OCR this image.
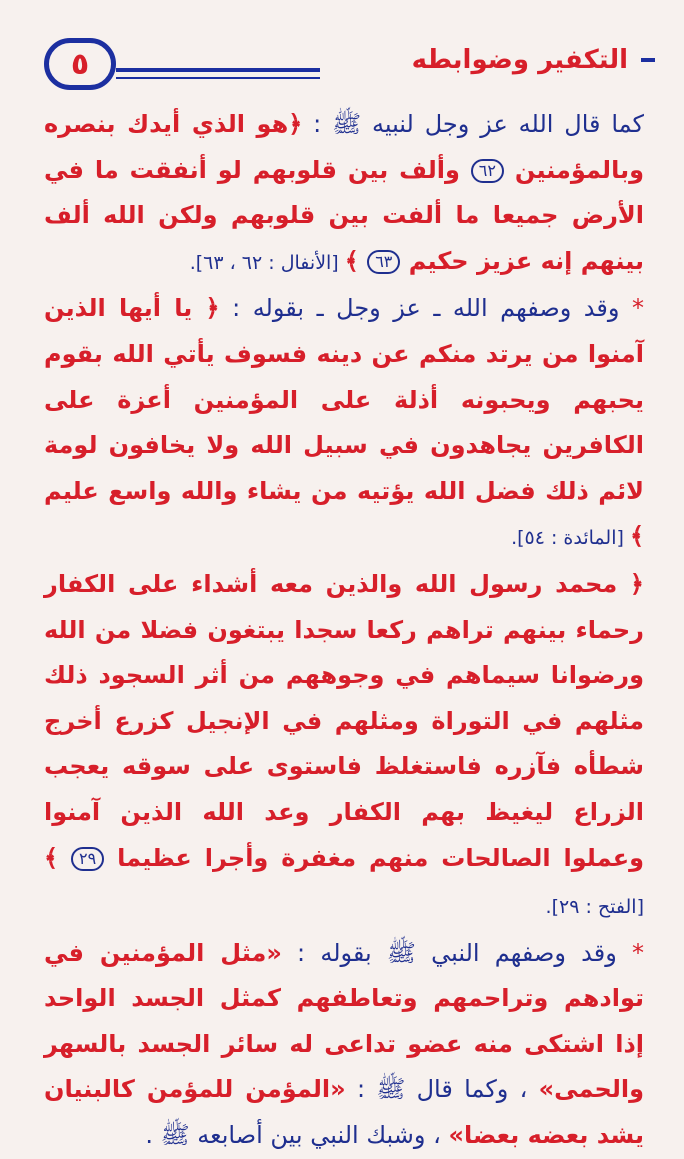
٥	التكفير وضوابطه

كما قال الله عز وجل لنبيه ﷺ : ﴿هو الذي أيدك بنصره وبالمؤمنين ٦٢ وألف بين قلوبهم لو أنفقت ما في الأرض جميعا ما ألفت بين قلوبهم ولكن الله ألف بينهم إنه عزيز حكيم ٦٣ ﴾ [الأنفال : ٦٢ ، ٦٣].

* وقد وصفهم الله ـ عز وجل ـ بقوله : ﴿ يا أيها الذين آمنوا من يرتد منكم عن دينه فسوف يأتي الله بقوم يحبهم ويحبونه أذلة على المؤمنين أعزة على الكافرين يجاهدون في سبيل الله ولا يخافون لومة لائم ذلك فضل الله يؤتيه من يشاء والله واسع عليم ﴾ [المائدة : ٥٤].

﴿ محمد رسول الله والذين معه أشداء على الكفار رحماء بينهم تراهم ركعا سجدا يبتغون فضلا من الله ورضوانا سيماهم في وجوههم من أثر السجود ذلك مثلهم في التوراة ومثلهم في الإنجيل كزرع أخرج شطأه فآزره فاستغلظ فاستوى على سوقه يعجب الزراع ليغيظ بهم الكفار وعد الله الذين آمنوا وعملوا الصالحات منهم مغفرة وأجرا عظيما ٢٩ ﴾ [الفتح : ٢٩].

* وقد وصفهم النبي ﷺ بقوله : «مثل المؤمنين في توادهم وتراحمهم وتعاطفهم كمثل الجسد الواحد إذا اشتكى منه عضو تداعى له سائر الجسد بالسهر والحمى» ، وكما قال ﷺ : «المؤمن للمؤمن كالبنيان يشد بعضه بعضا» ، وشبك النبي بين أصابعه ﷺ .
